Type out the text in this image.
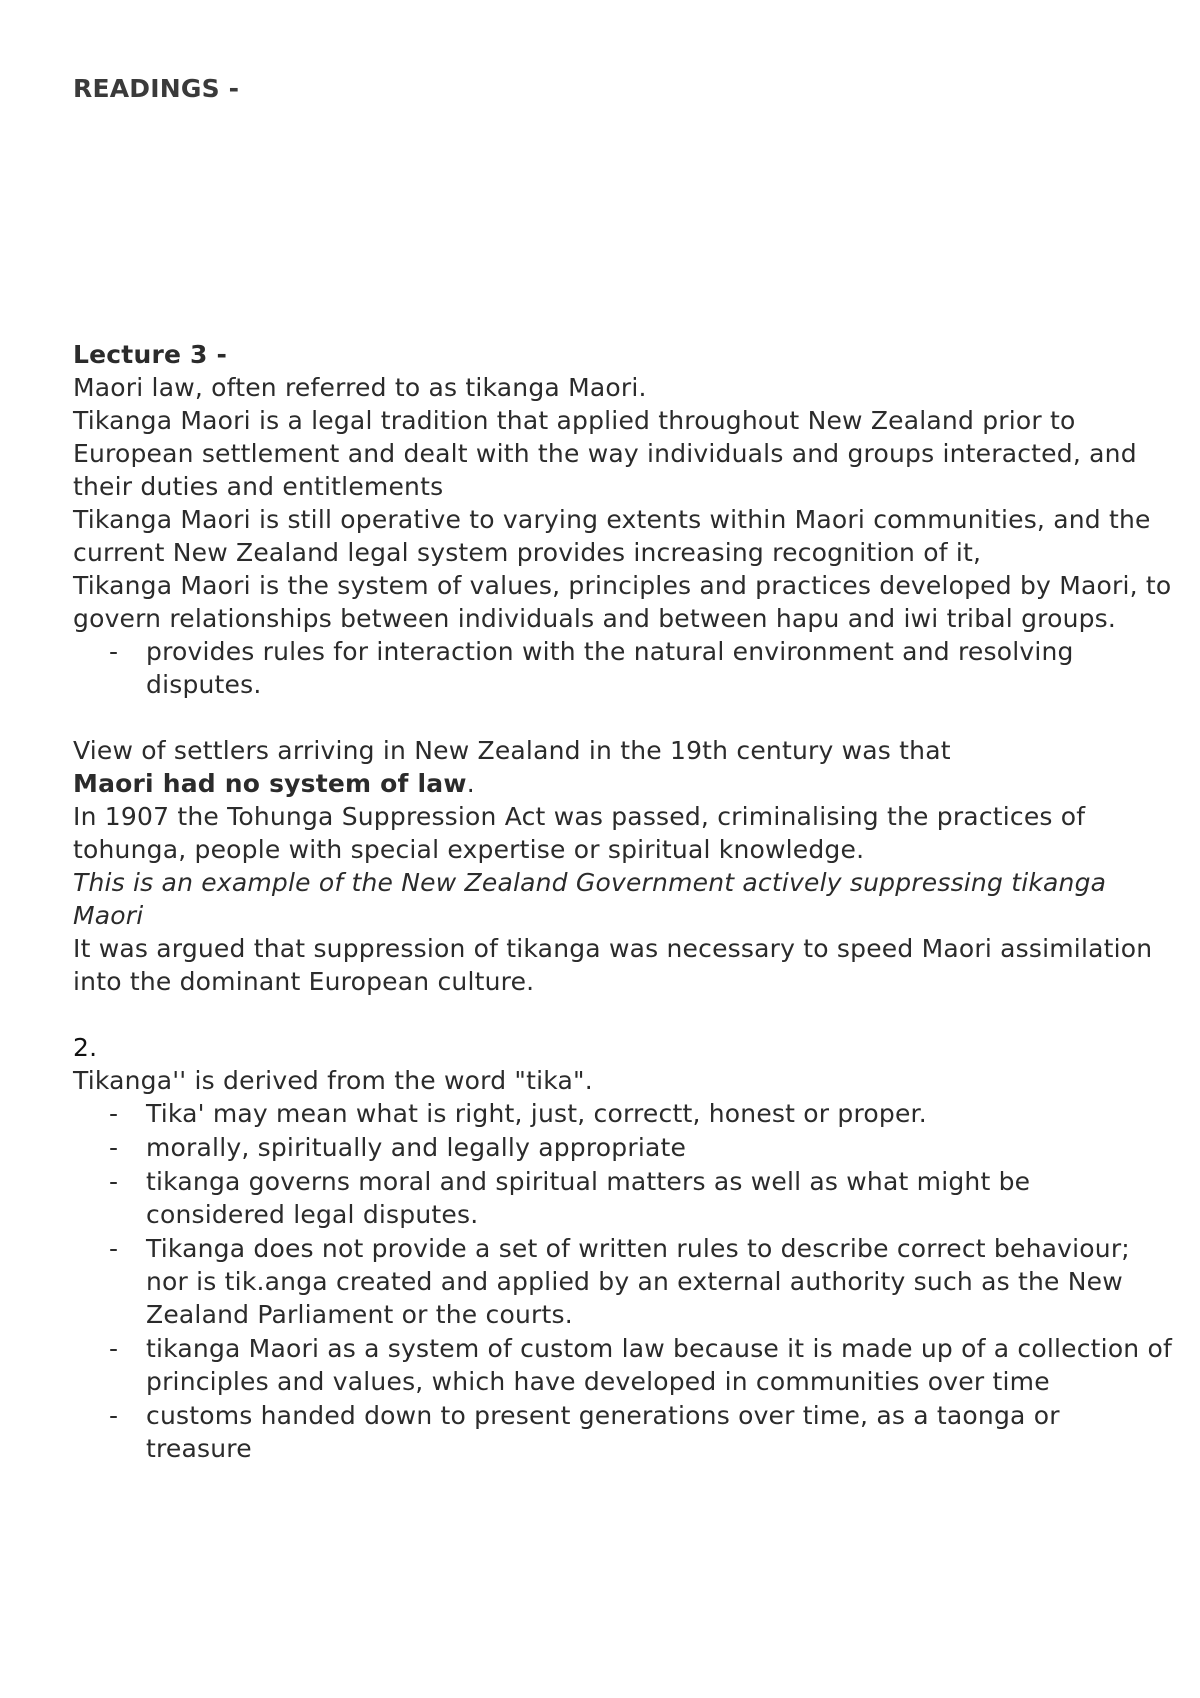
READINGS -

Lecture 3 -

Maori law, often referred to as tikanga Maori.

Tikanga Maori is a legal tradition that applied throughout New Zealand prior to European settlement and dealt with the way individuals and groups interacted, and their duties and entitlements

Tikanga Maori is still operative to varying extents within Maori communities, and the current New Zealand legal system provides increasing recognition of it,

Tikanga Maori is the system of values, principles and practices developed by Maori, to govern relationships between individuals and between hapu and iwi tribal groups.

- provides rules for interaction with the natural environment and resolving disputes.

View of settlers arriving in New Zealand in the 19th century was that
Maori had no system of law.

In 1907 the Tohunga Suppression Act was passed, criminalising the practices of tohunga, people with special expertise or spiritual knowledge.

This is an example of the New Zealand Government actively suppressing tikanga Maori

It was argued that suppression of tikanga was necessary to speed Maori assimilation into the dominant European culture.

2.

Tikanga'' is derived from the word "tika".

- Tika' may mean what is right, just, correctt, honest or proper.
- morally, spiritually and legally appropriate
- tikanga governs moral and spiritual matters as well as what might be considered legal disputes.
- Tikanga does not provide a set of written rules to describe correct behaviour; nor is tik.anga created and applied by an external authority such as the New Zealand Parliament or the courts.
- tikanga Maori as a system of custom law because it is made up of a collection of principles and values, which have developed in communities over time
- customs handed down to present generations over time, as a taonga or treasure
